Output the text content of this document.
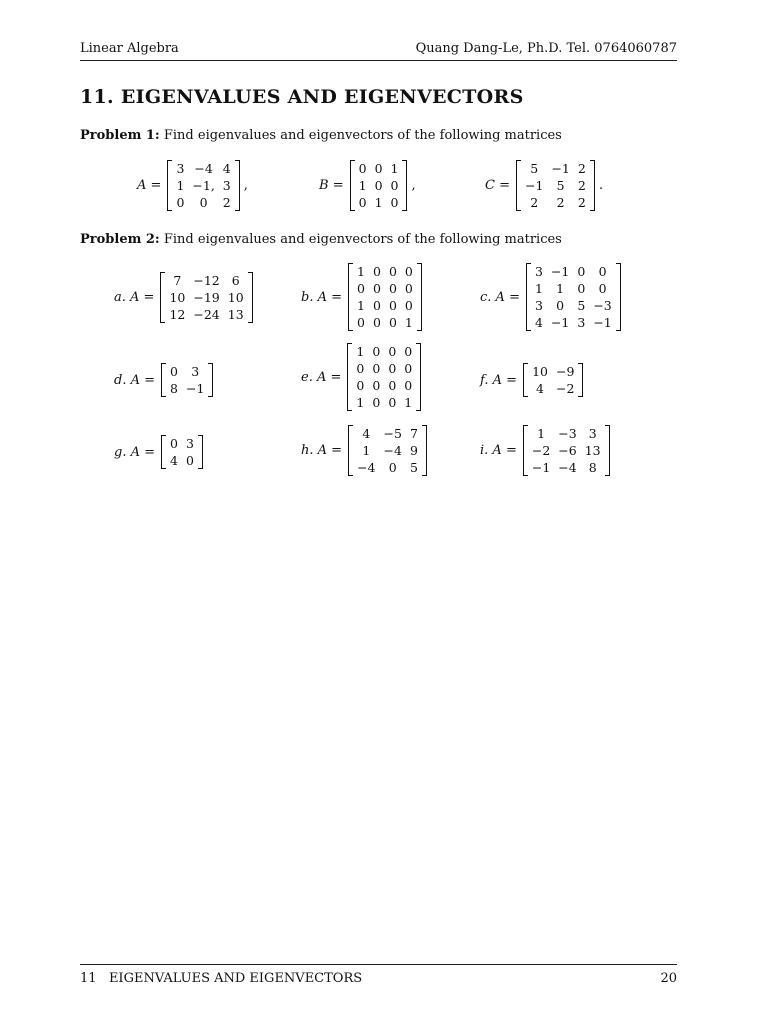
Linear Algebra	Quang Dang-Le, Ph.D. Tel. 0764060787
11. EIGENVALUES AND EIGENVECTORS
Problem 1: Find eigenvalues and eigenvectors of the following matrices
A =
3	−4	4
1	−1,	3
0	0	2
,	B =
0	0	1
1	0	0
0	1	0
,	C =
5	−1	2
−1	5	2
2	2	2
.
Problem 2: Find eigenvalues and eigenvectors of the following matrices
a. A =
7	−12	6
10	−19	10
12	−24	13
b. A =
1	0	0	0
0	0	0	0
1	0	0	0
0	0	0	1
c. A =
3	−1	0	0
1	1	0	0
3	0	5	−3
4	−1	3	−1
d. A =
0	3
8	−1
e. A =
1	0	0	0
0	0	0	0
0	0	0	0
1	0	0	1
f. A =
10	−9
4	−2
g. A =
0	3
4	0
h. A =
4	−5	7
1	−4	9
−4	0	5
i. A =
1	−3	3
−2	−6	13
−1	−4	8
11   EIGENVALUES AND EIGENVECTORS	20
